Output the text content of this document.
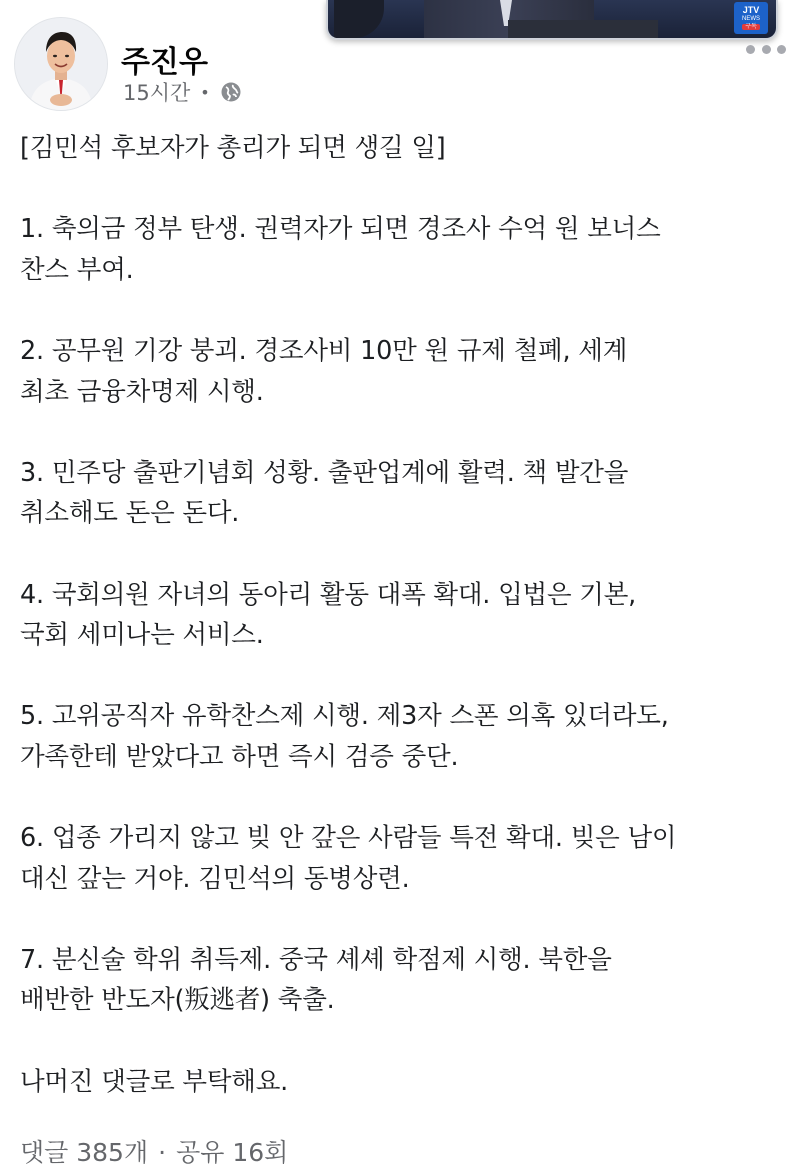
JTV
NEWS
구독
주진우
15시간 •
[김민석 후보자가 총리가 되면 생길 일]
1. 축의금 정부 탄생. 권력자가 되면 경조사 수억 원 보너스
찬스 부여.
2. 공무원 기강 붕괴. 경조사비 10만 원 규제 철폐, 세계
최초 금융차명제 시행.
3. 민주당 출판기념회 성황. 출판업계에 활력. 책 발간을
취소해도 돈은 돈다.
4. 국회의원 자녀의 동아리 활동 대폭 확대. 입법은 기본,
국회 세미나는 서비스.
5. 고위공직자 유학찬스제 시행. 제3자 스폰 의혹 있더라도,
가족한테 받았다고 하면 즉시 검증 중단.
6. 업종 가리지 않고 빚 안 갚은 사람들 특전 확대. 빚은 남이
대신 갚는 거야. 김민석의 동병상련.
7. 분신술 학위 취득제. 중국 셰셰 학점제 시행. 북한을
배반한 반도자(叛逃者) 축출.
나머진 댓글로 부탁해요.
댓글 385개 · 공유 16회
